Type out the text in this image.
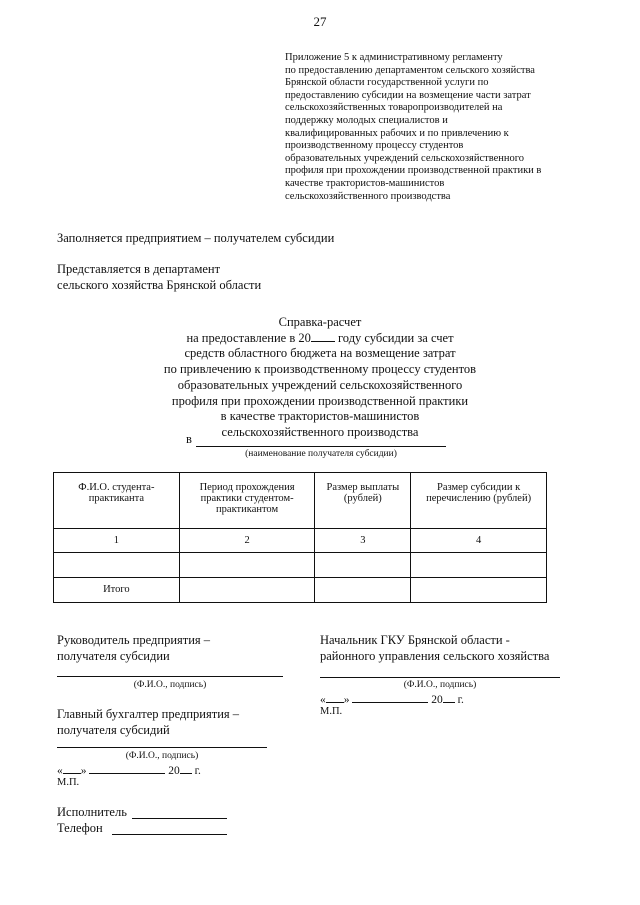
27
Приложение 5 к административному регламенту
по предоставлению департаментом сельского хозяйства
Брянской области государственной услуги по
предоставлению субсидии на возмещение части затрат
сельскохозяйственных товаропроизводителей на
поддержку молодых специалистов и
квалифицированных рабочих и по привлечению к
производственному процессу студентов
образовательных учреждений сельскохозяйственного
профиля при прохождении производственной практики в
качестве трактористов-машинистов
сельскохозяйственного производства
Заполняется предприятием – получателем субсидии
Представляется в департамент
сельского хозяйства Брянской области
Справка-расчет
на предоставление в 20 году субсидии за счет
средств областного бюджета на возмещение затрат
по привлечению к производственному процессу студентов
образовательных учреждений сельскохозяйственного
профиля при прохождении производственной практики
в качестве трактористов-машинистов
сельскохозяйственного производства
в
(наименование получателя субсидии)
Ф.И.О. студента-практиканта	Период прохождения практики студентом-практикантом	Размер выплаты (рублей)	Размер субсидии к перечислению (рублей)
1	2	3	4

Итого			
Руководитель предприятия –
получателя субсидии
(Ф.И.О., подпись)
Начальник ГКУ Брянской области -
районного управления сельского хозяйства
(Ф.И.О., подпись)
« »	20 г.
М.П.
Главный бухгалтер предприятия –
получателя субсидий
(Ф.И.О., подпись)
« »	20 г.
М.П.
Исполнитель
Телефон
